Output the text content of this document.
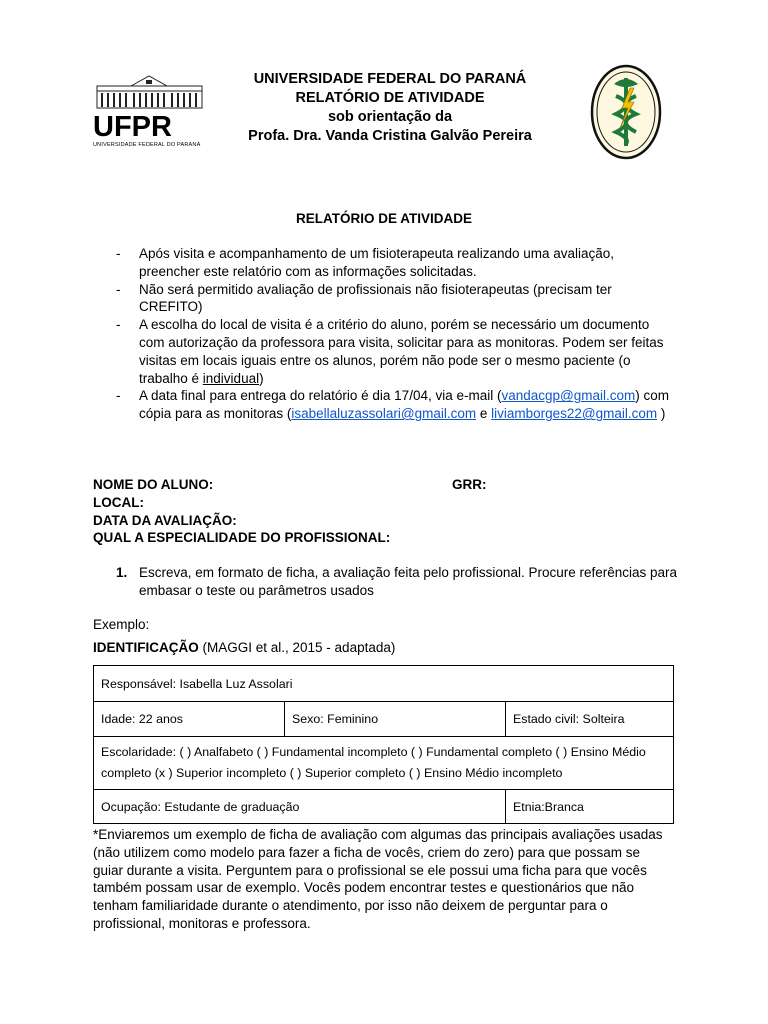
UFPR
UNIVERSIDADE FEDERAL DO PARANÁ
UNIVERSIDADE FEDERAL DO PARANÁ
RELATÓRIO DE ATIVIDADE
sob orientação da
Profa. Dra. Vanda Cristina Galvão Pereira
RELATÓRIO DE ATIVIDADE
- Após visita e acompanhamento de um fisioterapeuta realizando uma avaliação, preencher este relatório com as informações solicitadas.
- Não será permitido avaliação de profissionais não fisioterapeutas (precisam ter CREFITO)
- A escolha do local de visita é a critério do aluno, porém se necessário um documento com autorização da professora para visita, solicitar para as monitoras. Podem ser feitas visitas em locais iguais entre os alunos, porém não pode ser o mesmo paciente (o trabalho é individual)
- A data final para entrega do relatório é dia 17/04, via e-mail (vandacgp@gmail.com) com cópia para as monitoras (isabellaluzassolari@gmail.com e liviamborges22@gmail.com )
NOME DO ALUNO:	GRR:
LOCAL:
DATA DA AVALIAÇÃO:
QUAL A ESPECIALIDADE DO PROFISSIONAL:
1. Escreva, em formato de ficha, a avaliação feita pelo profissional. Procure referências para embasar o teste ou parâmetros usados
Exemplo:
IDENTIFICAÇÃO (MAGGI et al., 2015 - adaptada)
Responsável: Isabella Luz Assolari		
Idade: 22 anos	Sexo: Feminino	Estado civil: Solteira
Escolaridade: ( ) Analfabeto ( ) Fundamental incompleto ( ) Fundamental completo ( ) Ensino Médio completo (x ) Superior incompleto ( ) Superior completo ( ) Ensino Médio incompleto		
Ocupação: Estudante de graduação		Etnia:Branca
*Enviaremos um exemplo de ficha de avaliação com algumas das principais avaliações usadas (não utilizem como modelo para fazer a ficha de vocês, criem do zero) para que possam se guiar durante a visita. Perguntem para o profissional se ele possui uma ficha para que vocês também possam usar de exemplo. Vocês podem encontrar testes e questionários que não tenham familiaridade durante o atendimento, por isso não deixem de perguntar para o profissional, monitoras e professora.
